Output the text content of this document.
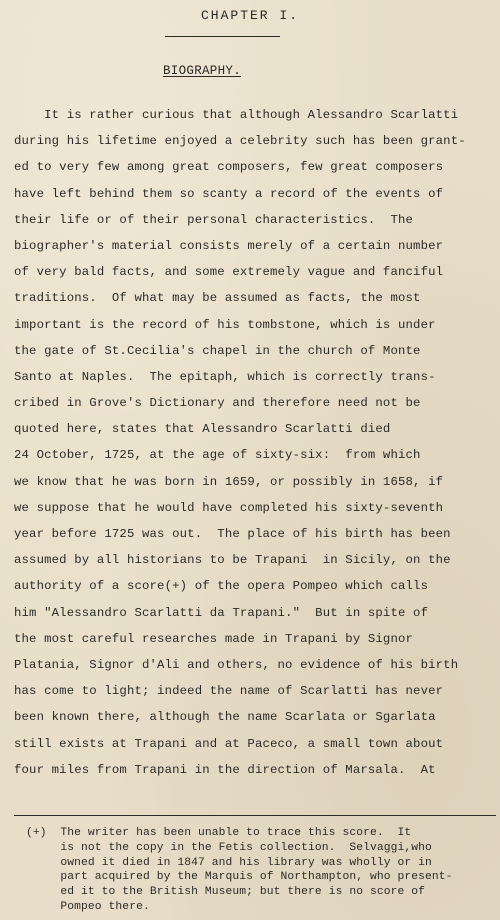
CHAPTER I.
BIOGRAPHY.
It is rather curious that although Alessandro Scarlatti
during his lifetime enjoyed a celebrity such has been grant-
ed to very few among great composers, few great composers
have left behind them so scanty a record of the events of
their life or of their personal characteristics.  The
biographer's material consists merely of a certain number
of very bald facts, and some extremely vague and fanciful
traditions.  Of what may be assumed as facts, the most
important is the record of his tombstone, which is under
the gate of St.Cecilia's chapel in the church of Monte
Santo at Naples.  The epitaph, which is correctly trans-
cribed in Grove's Dictionary and therefore need not be
quoted here, states that Alessandro Scarlatti died
24 October, 1725, at the age of sixty-six:  from which
we know that he was born in 1659, or possibly in 1658, if
we suppose that he would have completed his sixty-seventh
year before 1725 was out.  The place of his birth has been
assumed by all historians to be Trapani  in Sicily, on the
authority of a score(+) of the opera Pompeo which calls
him "Alessandro Scarlatti da Trapani."  But in spite of
the most careful researches made in Trapani by Signor
Platania, Signor d'Ali and others, no evidence of his birth
has come to light; indeed the name of Scarlatti has never
been known there, although the name Scarlata or Sgarlata
still exists at Trapani and at Paceco, a small town about
four miles from Trapani in the direction of Marsala.  At
(+)  The writer has been unable to trace this score.  It
is not the copy in the Fetis collection.  Selvaggi,who
owned it died in 1847 and his library was wholly or in
part acquired by the Marquis of Northampton, who present-
ed it to the British Museum; but there is no score of
Pompeo there.
